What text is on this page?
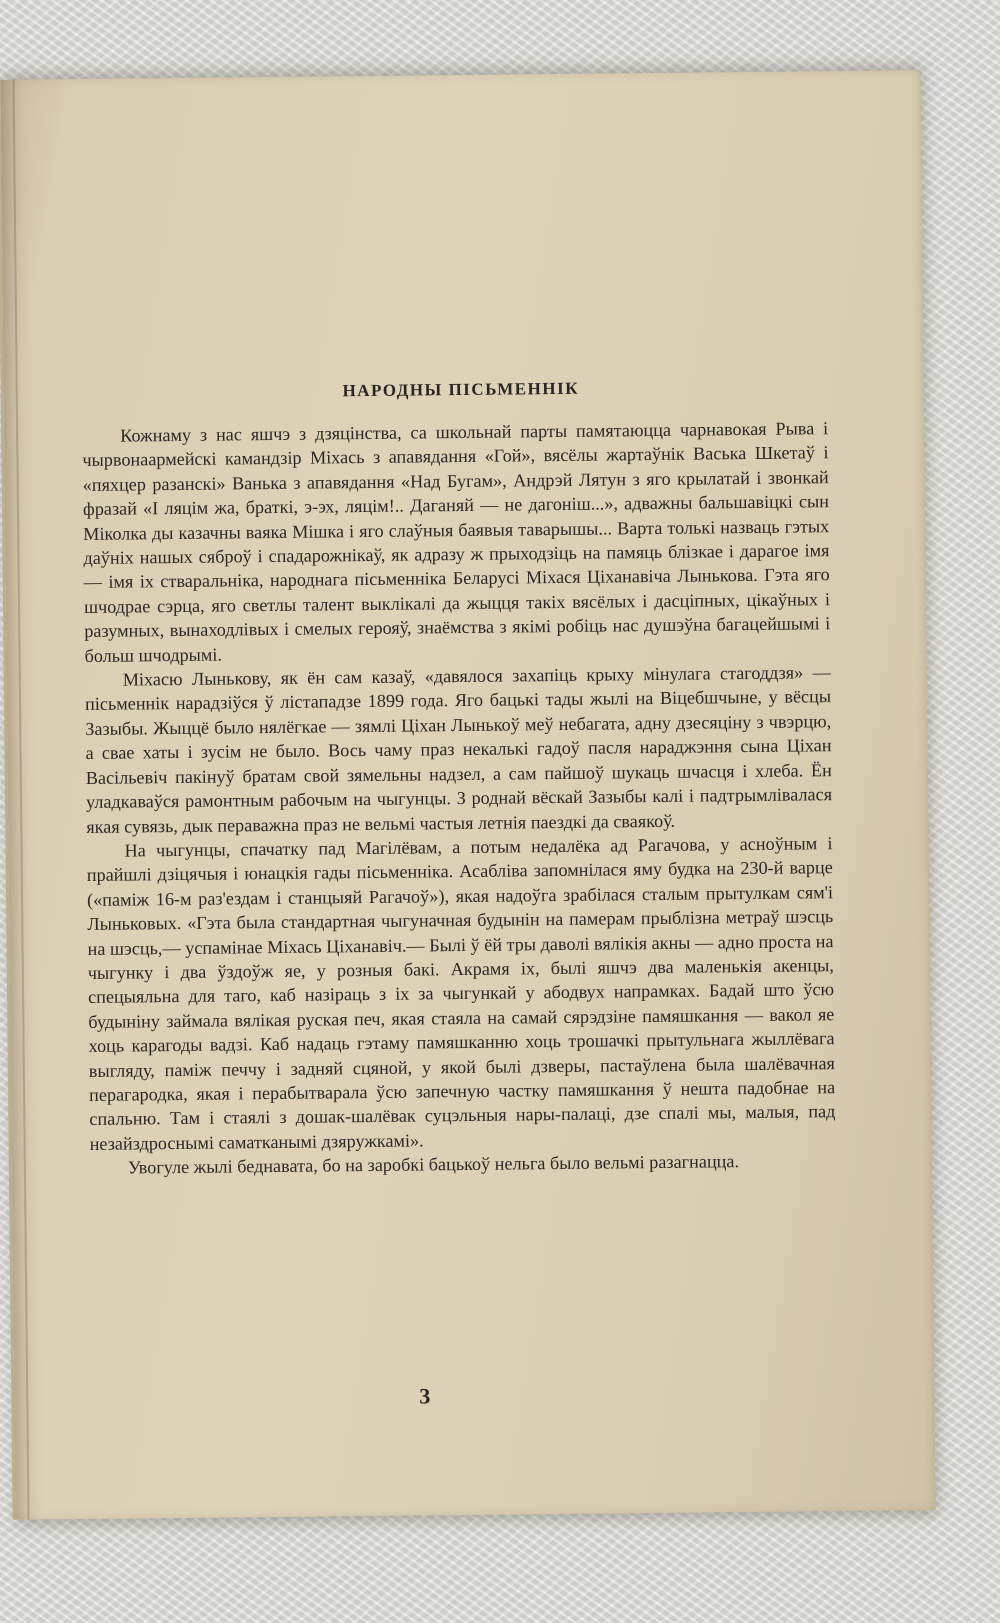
НАРОДНЫ ПІСЬМЕННІК

Кожнаму з нас яшчэ з дзяцінства, са школьнай парты памятаюцца чарнавокая Рыва і чырвонаармейскі камандзір Міхась з апавядання «Гой», вясёлы жартаўнік Васька Шкетаў і «пяхцер разанскі» Ванька з апавядання «Над Бугам», Андрэй Лятун з яго крылатай і звонкай фразай «І ляцім жа, браткі, э-эх, ляцім!.. Даганяй — не дагоніш...», адважны бальшавіцкі сын Міколка ды казачны ваяка Мішка і яго слаўныя баявыя таварышы... Варта толькі назваць гэтых даўніх нашых сяброў і спадарожнікаў, як адразу ж прыходзіць на памяць блізкае і дарагое імя — імя іх стваральніка, народнага пісьменніка Беларусі Міхася Ціханавіча Лынькова. Гэта яго шчодрае сэрца, яго светлы талент выклікалі да жыцця такіх вясёлых і дасціпных, цікаўных і разумных, вынаходлівых і смелых герояў, знаёмства з якімі робіць нас душэўна багацейшымі і больш шчодрымі.

Міхасю Лынькову, як ён сам казаў, «давялося захапіць крыху мінулага стагоддзя» — пісьменнік нарадзіўся ў лістападзе 1899 года. Яго бацькі тады жылі на Віцебшчыне, у вёсцы Зазыбы. Жыццё было нялёгкае — зямлі Ціхан Лынькоў меў небагата, адну дзесяціну з чвэрцю, а свае хаты і зусім не было. Вось чаму праз некалькі гадоў пасля нараджэння сына Ціхан Васільевіч пакінуў братам свой зямельны надзел, а сам пайшоў шукаць шчасця і хлеба. Ён уладкаваўся рамонтным рабочым на чыгунцы. З роднай вёскай Зазыбы калі і падтрымлівалася якая сувязь, дык пераважна праз не вельмі частыя летнія паездкі да сваякоў.

На чыгунцы, спачатку пад Магілёвам, а потым недалёка ад Рагачова, у асноўным і прайшлі дзіцячыя і юнацкія гады пісьменніка. Асабліва запомнілася яму будка на 230-й варце («паміж 16-м раз'ездам і станцыяй Рагачоў»), якая надоўга зрабілася сталым прытулкам сям'і Лыньковых. «Гэта была стандартная чыгуначная будынін на памерам прыблізна метраў шэсць на шэсць,— успамінае Міхась Ціханавіч.— Былі ў ёй тры даволі вялікія акны — адно проста на чыгунку і два ўздоўж яе, у розныя бакі. Акрамя іх, былі яшчэ два маленькія акенцы, спецыяльна для таго, каб назіраць з іх за чыгункай у абодвух напрамках. Бадай што ўсю будыніну займала вялікая руская печ, якая стаяла на самай сярэдзіне памяшкання — вакол яе хоць карагоды вадзі. Каб надаць гэтаму памяшканню хоць трошачкі прытульнага жыллёвага выгляду, паміж печчу і задняй сцяной, у якой былі дзверы, пастаўлена была шалёвачная перагародка, якая і перабытварала ўсю запечную частку памяшкання ў нешта падобнае на спальню. Там і стаялі з дошак-шалёвак суцэльныя нары-палаці, дзе спалі мы, малыя, пад незайздроснымі саматканымі дзяружкамі».

Увогуле жылі беднавата, бо на заробкі бацькоў нельга было вельмі разагнацца.

3
